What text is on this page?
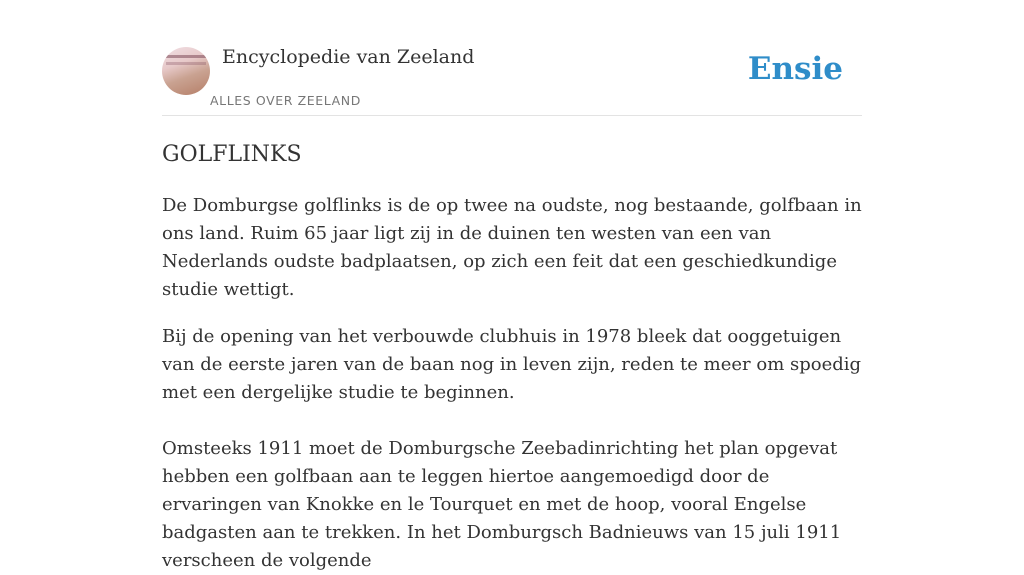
Encyclopedie van Zeeland
ALLES OVER ZEELAND
Ensie
GOLFLINKS

De Domburgse golflinks is de op twee na oudste, nog bestaande, golfbaan in ons land. Ruim 65 jaar ligt zij in de duinen ten westen van een van Nederlands oudste badplaatsen, op zich een feit dat een geschiedkundige studie wettigt.

Bij de opening van het verbouwde clubhuis in 1978 bleek dat ooggetuigen van de eerste jaren van de baan nog in leven zijn, reden te meer om spoedig met een dergelijke studie te beginnen.

Omsteeks 1911 moet de Domburgsche Zeebadinrichting het plan opgevat hebben een golfbaan aan te leggen hiertoe aangemoedigd door de ervaringen van Knokke en le Tourquet en met de hoop, vooral Engelse badgasten aan te trekken. In het Domburgsch Badnieuws van 15 juli 1911 verscheen de volgende
